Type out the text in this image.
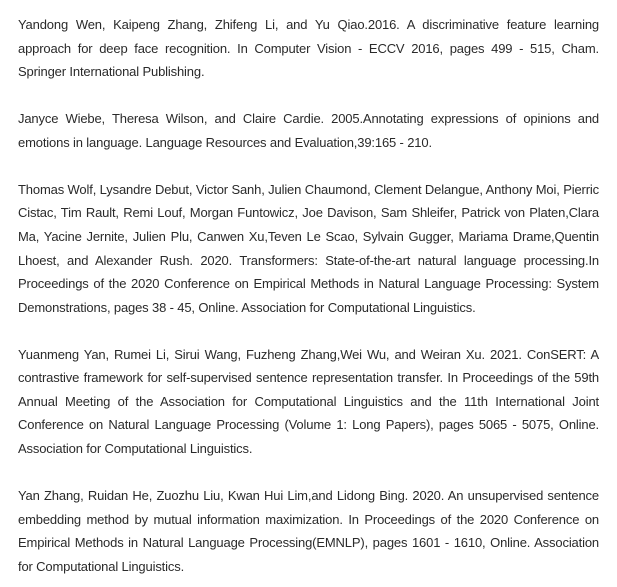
Yandong Wen, Kaipeng Zhang, Zhifeng Li, and Yu Qiao.2016. A discriminative feature learning approach for deep face recognition. In Computer Vision - ECCV 2016, pages 499 - 515, Cham. Springer International Publishing.
Janyce Wiebe, Theresa Wilson, and Claire Cardie. 2005.Annotating expressions of opinions and emotions in language. Language Resources and Evaluation,39:165 - 210.
Thomas Wolf, Lysandre Debut, Victor Sanh, Julien Chaumond, Clement Delangue, Anthony Moi, Pierric Cistac, Tim Rault, Remi Louf, Morgan Funtowicz, Joe Davison, Sam Shleifer, Patrick von Platen,Clara Ma, Yacine Jernite, Julien Plu, Canwen Xu,Teven Le Scao, Sylvain Gugger, Mariama Drame,Quentin Lhoest, and Alexander Rush. 2020. Transformers: State-of-the-art natural language processing.In Proceedings of the 2020 Conference on Empirical Methods in Natural Language Processing: System Demonstrations, pages 38 - 45, Online. Association for Computational Linguistics.
Yuanmeng Yan, Rumei Li, Sirui Wang, Fuzheng Zhang,Wei Wu, and Weiran Xu. 2021. ConSERT: A contrastive framework for self-supervised sentence representation transfer. In Proceedings of the 59th Annual Meeting of the Association for Computational Linguistics and the 11th International Joint Conference on Natural Language Processing (Volume 1: Long Papers), pages 5065 - 5075, Online. Association for Computational Linguistics.
Yan Zhang, Ruidan He, Zuozhu Liu, Kwan Hui Lim,and Lidong Bing. 2020. An unsupervised sentence embedding method by mutual information maximization. In Proceedings of the 2020 Conference on Empirical Methods in Natural Language Processing(EMNLP), pages 1601 - 1610, Online. Association for Computational Linguistics.
